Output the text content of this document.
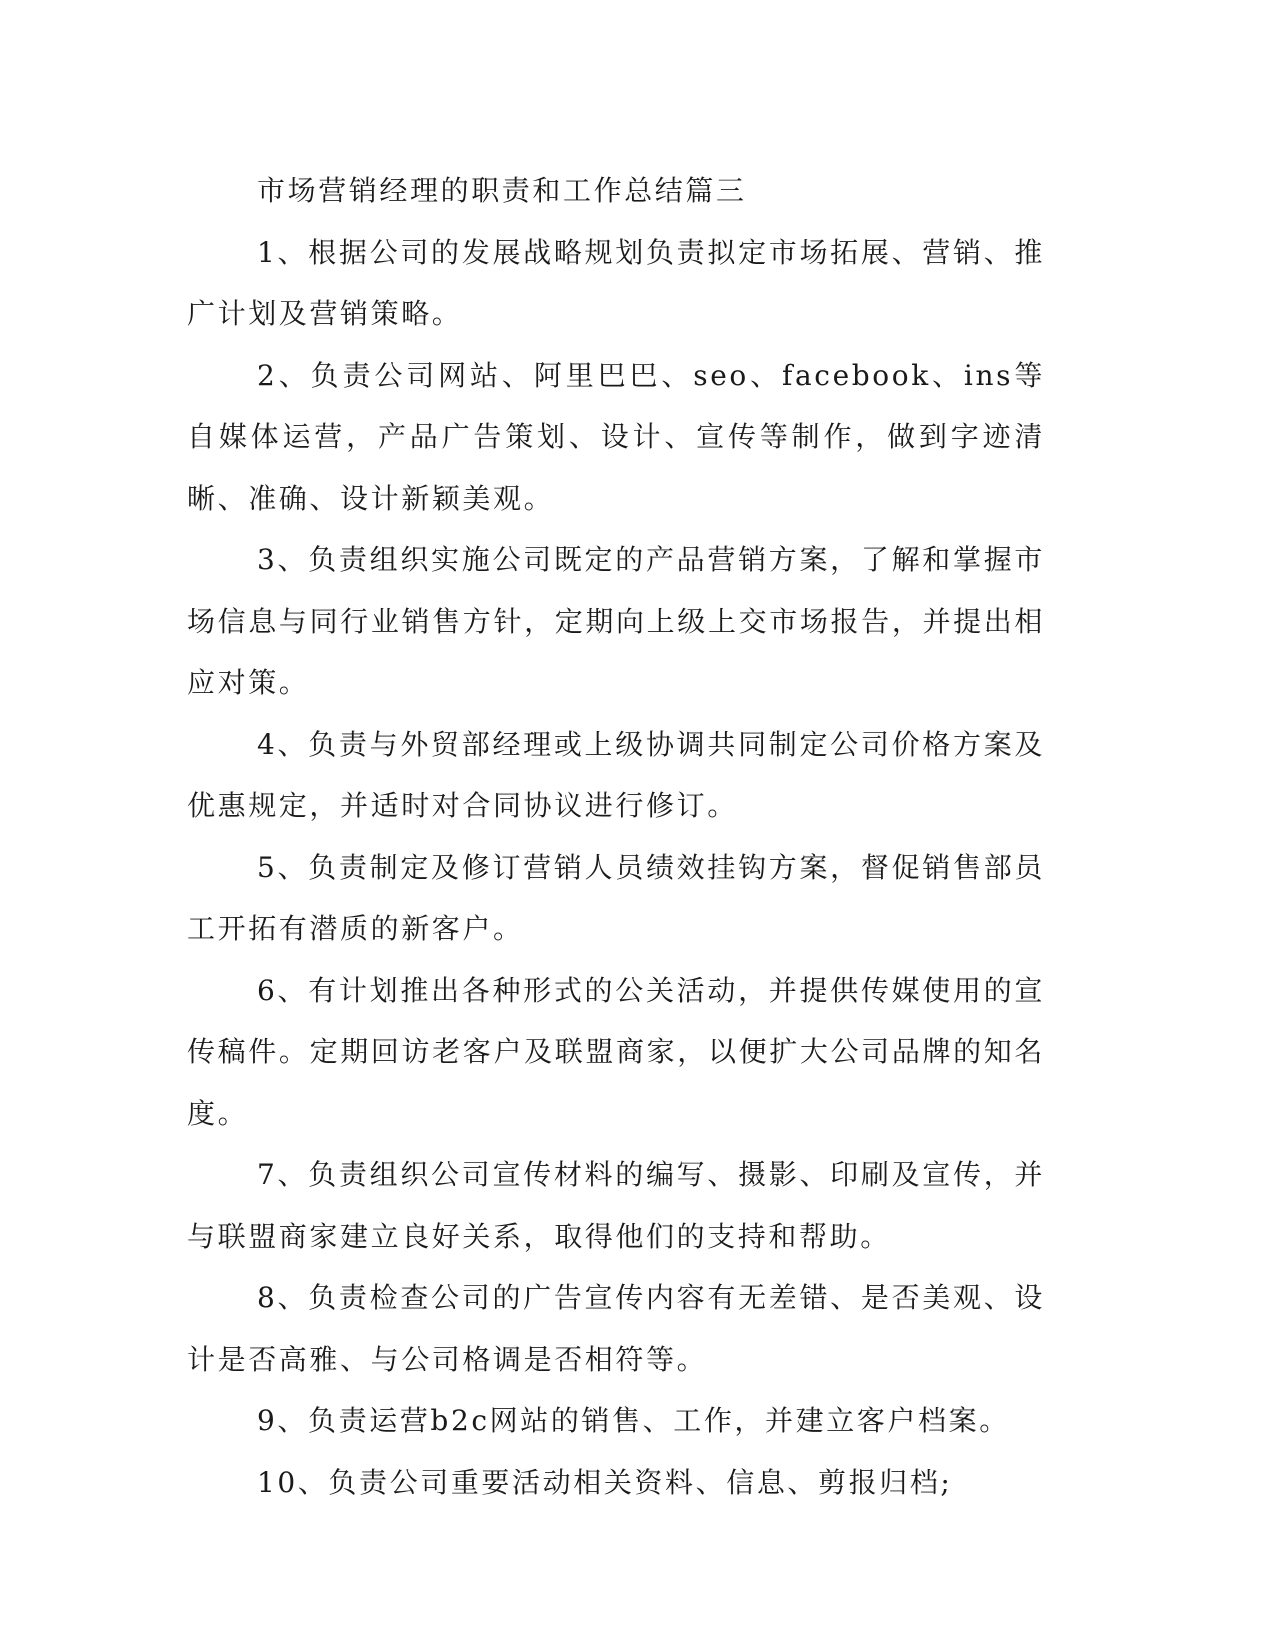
市场营销经理的职责和工作总结篇三

1、根据公司的发展战略规划负责拟定市场拓展、营销、推广计划及营销策略。

2、负责公司网站、阿里巴巴、seo、facebook、ins等自媒体运营，产品广告策划、设计、宣传等制作，做到字迹清晰、准确、设计新颖美观。

3、负责组织实施公司既定的产品营销方案，了解和掌握市场信息与同行业销售方针，定期向上级上交市场报告，并提出相应对策。

4、负责与外贸部经理或上级协调共同制定公司价格方案及优惠规定，并适时对合同协议进行修订。

5、负责制定及修订营销人员绩效挂钩方案，督促销售部员工开拓有潜质的新客户。

6、有计划推出各种形式的公关活动，并提供传媒使用的宣传稿件。定期回访老客户及联盟商家，以便扩大公司品牌的知名度。

7、负责组织公司宣传材料的编写、摄影、印刷及宣传，并与联盟商家建立良好关系，取得他们的支持和帮助。

8、负责检查公司的广告宣传内容有无差错、是否美观、设计是否高雅、与公司格调是否相符等。

9、负责运营b2c网站的销售、工作，并建立客户档案。

10、负责公司重要活动相关资料、信息、剪报归档;
